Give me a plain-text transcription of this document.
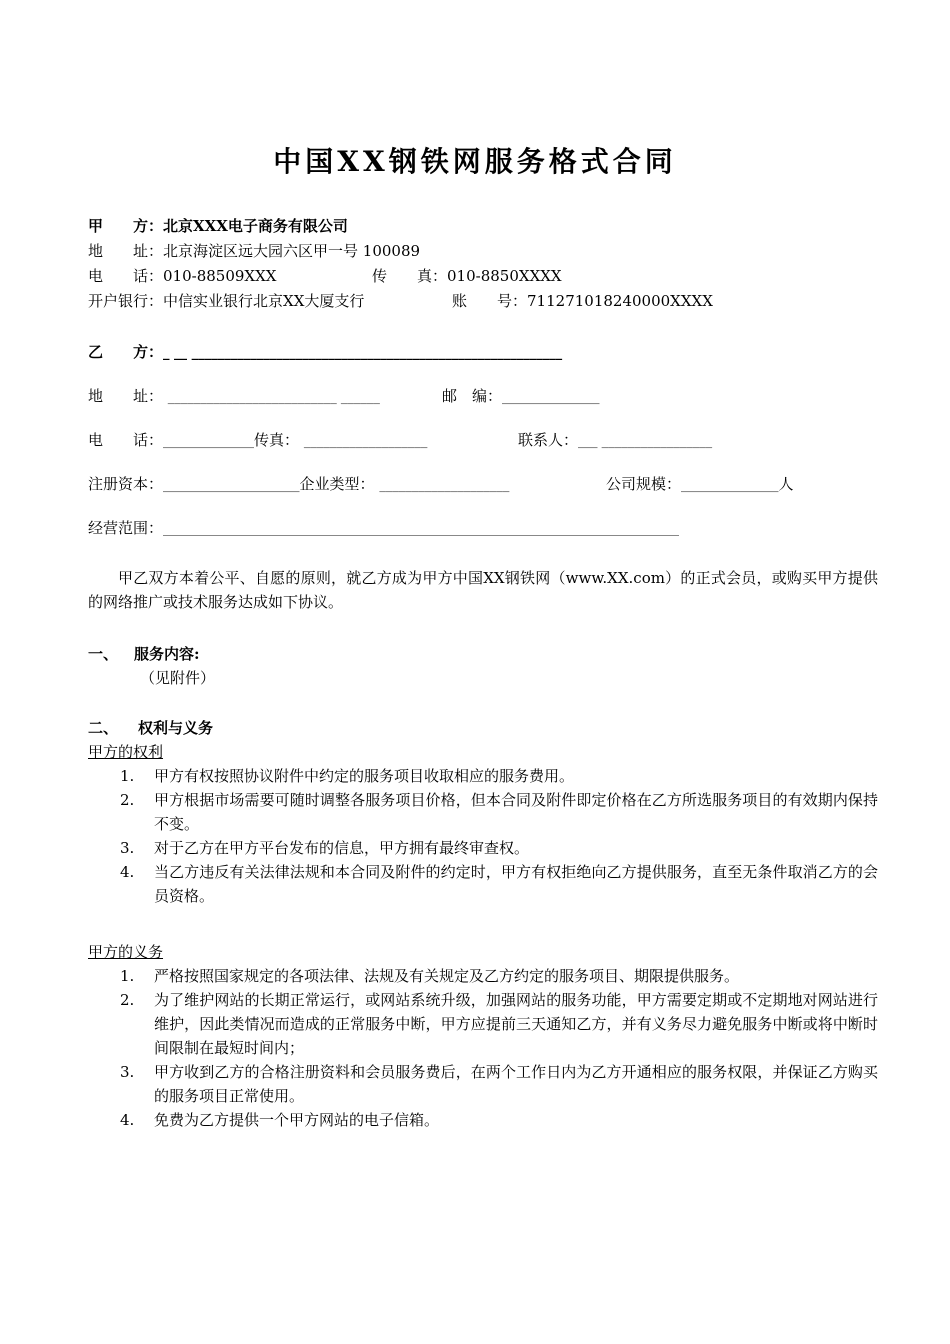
中国XX钢铁网服务格式合同
甲　　方：北京XXX电子商务有限公司
地　　址：北京海淀区远大园六区甲一号 100089
电　　话：010-88509XXX	传　　真：010-8850XXXX
开户银行：中信实业银行北京XX大厦支行	账　　号：711271018240000XXXX
乙　　方：_ __ _________________________________________________________
地　　址： __________________________ ______	邮　编：_______________
电　　话：______________传真： ___________________	联系人：___ _________________
注册资本：_____________________企业类型： ____________________	公司规模：_______________人
经营范围：______________________________________________________________________________________
甲乙双方本着公平、自愿的原则，就乙方成为甲方中国XX钢铁网（www.XX.com）的正式会员，或购买甲方提供的网络推广或技术服务达成如下协议。
一、 服务内容:
（见附件）
二、 权利与义务
甲方的权利
1. 甲方有权按照协议附件中约定的服务项目收取相应的服务费用。
2. 甲方根据市场需要可随时调整各服务项目价格，但本合同及附件即定价格在乙方所选服务项目的有效期内保持不变。
3. 对于乙方在甲方平台发布的信息，甲方拥有最终审查权。
4. 当乙方违反有关法律法规和本合同及附件的约定时，甲方有权拒绝向乙方提供服务，直至无条件取消乙方的会员资格。
甲方的义务
1. 严格按照国家规定的各项法律、法规及有关规定及乙方约定的服务项目、期限提供服务。
2. 为了维护网站的长期正常运行，或网站系统升级，加强网站的服务功能，甲方需要定期或不定期地对网站进行维护，因此类情况而造成的正常服务中断，甲方应提前三天通知乙方，并有义务尽力避免服务中断或将中断时间限制在最短时间内；
3. 甲方收到乙方的合格注册资料和会员服务费后，在两个工作日内为乙方开通相应的服务权限，并保证乙方购买的服务项目正常使用。
4. 免费为乙方提供一个甲方网站的电子信箱。
